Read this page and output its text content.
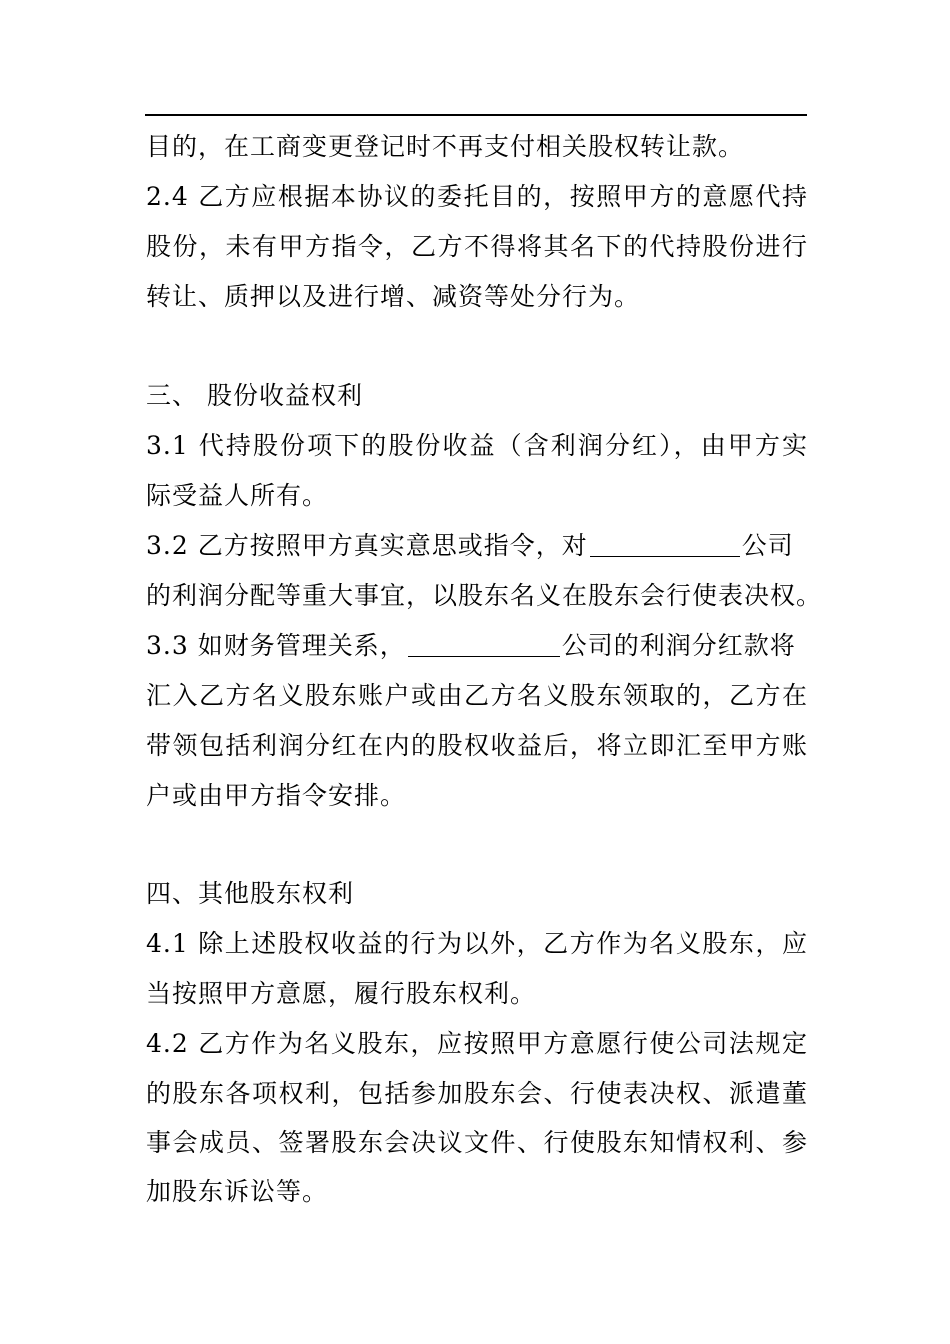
目的，在工商变更登记时不再支付相关股权转让款。
2.4 乙方应根据本协议的委托目的，按照甲方的意愿代持
股份，未有甲方指令，乙方不得将其名下的代持股份进行
转让、质押以及进行增、减资等处分行为。
三、 股份收益权利
3.1 代持股份项下的股份收益（含利润分红），由甲方实
际受益人所有。
3.2 乙方按照甲方真实意思或指令，对	公司
的利润分配等重大事宜，以股东名义在股东会行使表决权。
3.3 如财务管理关系，	公司的利润分红款将
汇入乙方名义股东账户或由乙方名义股东领取的，乙方在
带领包括利润分红在内的股权收益后，将立即汇至甲方账
户或由甲方指令安排。
四、其他股东权利
4.1 除上述股权收益的行为以外，乙方作为名义股东，应
当按照甲方意愿，履行股东权利。
4.2 乙方作为名义股东，应按照甲方意愿行使公司法规定
的股东各项权利，包括参加股东会、行使表决权、派遣董
事会成员、签署股东会决议文件、行使股东知情权利、参
加股东诉讼等。
